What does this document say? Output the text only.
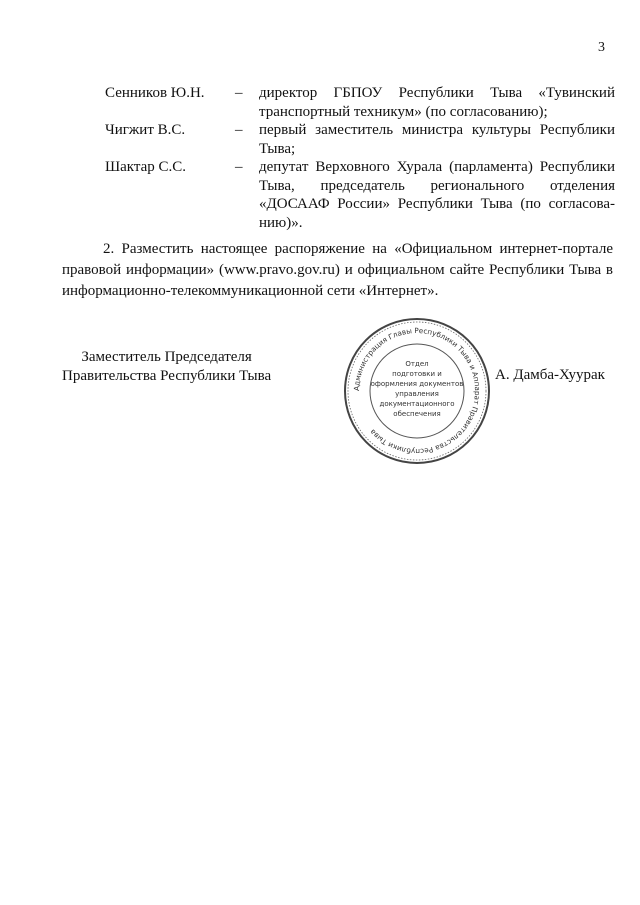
3
Сенников Ю.Н.	–	директор ГБПОУ Республики Тыва «Тувинский транспортный техникум» (по согласованию);
Чигжит В.С.	–	первый заместитель министра культуры Республики Тыва;
Шактар С.С.	–	депутат Верховного Хурала (парламента) Республики Тыва, председатель регионального отделения «ДОСААФ России» Республики Тыва (по согласова-нию)».
2. Разместить настоящее распоряжение на «Официальном интернет-портале правовой информации» (www.pravo.gov.ru) и официальном сайте Республики Тыва в информационно-телекоммуникационной сети «Интернет».
Заместитель Председателя
Правительства Республики Тыва	А. Дамба-Хуурак
Администрация Главы Республики Тыва и Аппарат Правительства Республики Тыва
Отдел
подготовки и
оформления документов
управления
документационного
обеспечения
